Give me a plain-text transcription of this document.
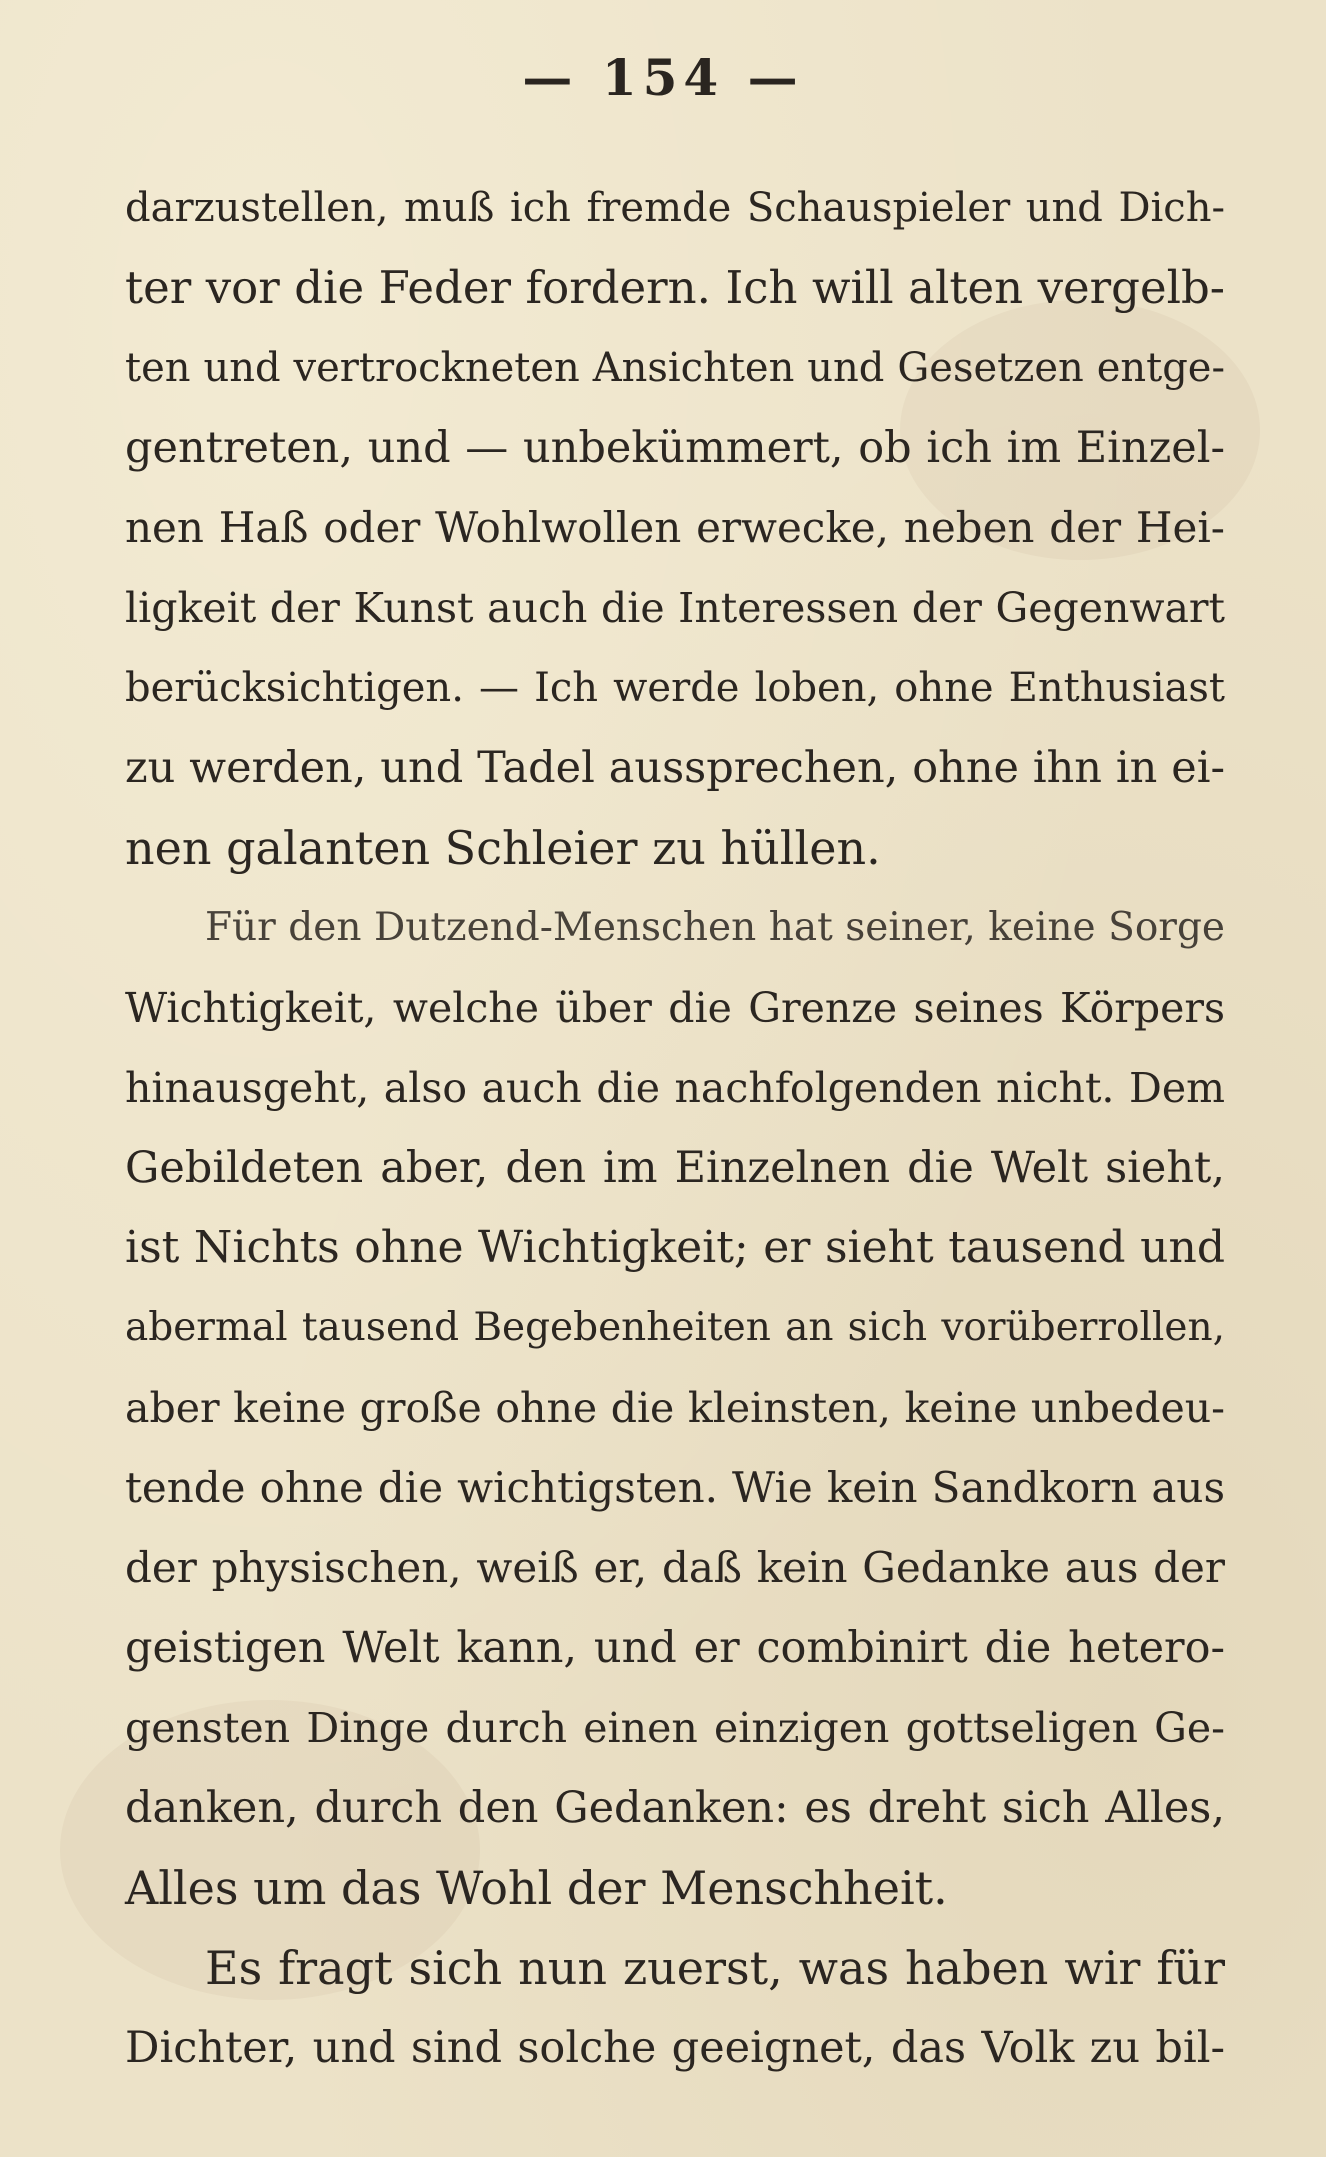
— 154 —
darzustellen, muß ich fremde Schauspieler und Dich-
ter vor die Feder fordern. Ich will alten vergelb-
ten und vertrockneten Ansichten und Gesetzen entge-
gentreten, und — unbekümmert, ob ich im Einzel-
nen Haß oder Wohlwollen erwecke, neben der Hei-
ligkeit der Kunst auch die Interessen der Gegenwart
berücksichtigen. — Ich werde loben, ohne Enthusiast
zu werden, und Tadel aussprechen, ohne ihn in ei-
nen galanten Schleier zu hüllen.
Für den Dutzend-Menschen hat seiner, keine Sorge
Wichtigkeit, welche über die Grenze seines Körpers
hinausgeht, also auch die nachfolgenden nicht. Dem
Gebildeten aber, den im Einzelnen die Welt sieht,
ist Nichts ohne Wichtigkeit; er sieht tausend und
abermal tausend Begebenheiten an sich vorüberrollen,
aber keine große ohne die kleinsten, keine unbedeu-
tende ohne die wichtigsten. Wie kein Sandkorn aus
der physischen, weiß er, daß kein Gedanke aus der
geistigen Welt kann, und er combinirt die hetero-
gensten Dinge durch einen einzigen gottseligen Ge-
danken, durch den Gedanken: es dreht sich Alles,
Alles um das Wohl der Menschheit.
Es fragt sich nun zuerst, was haben wir für
Dichter, und sind solche geeignet, das Volk zu bil-
